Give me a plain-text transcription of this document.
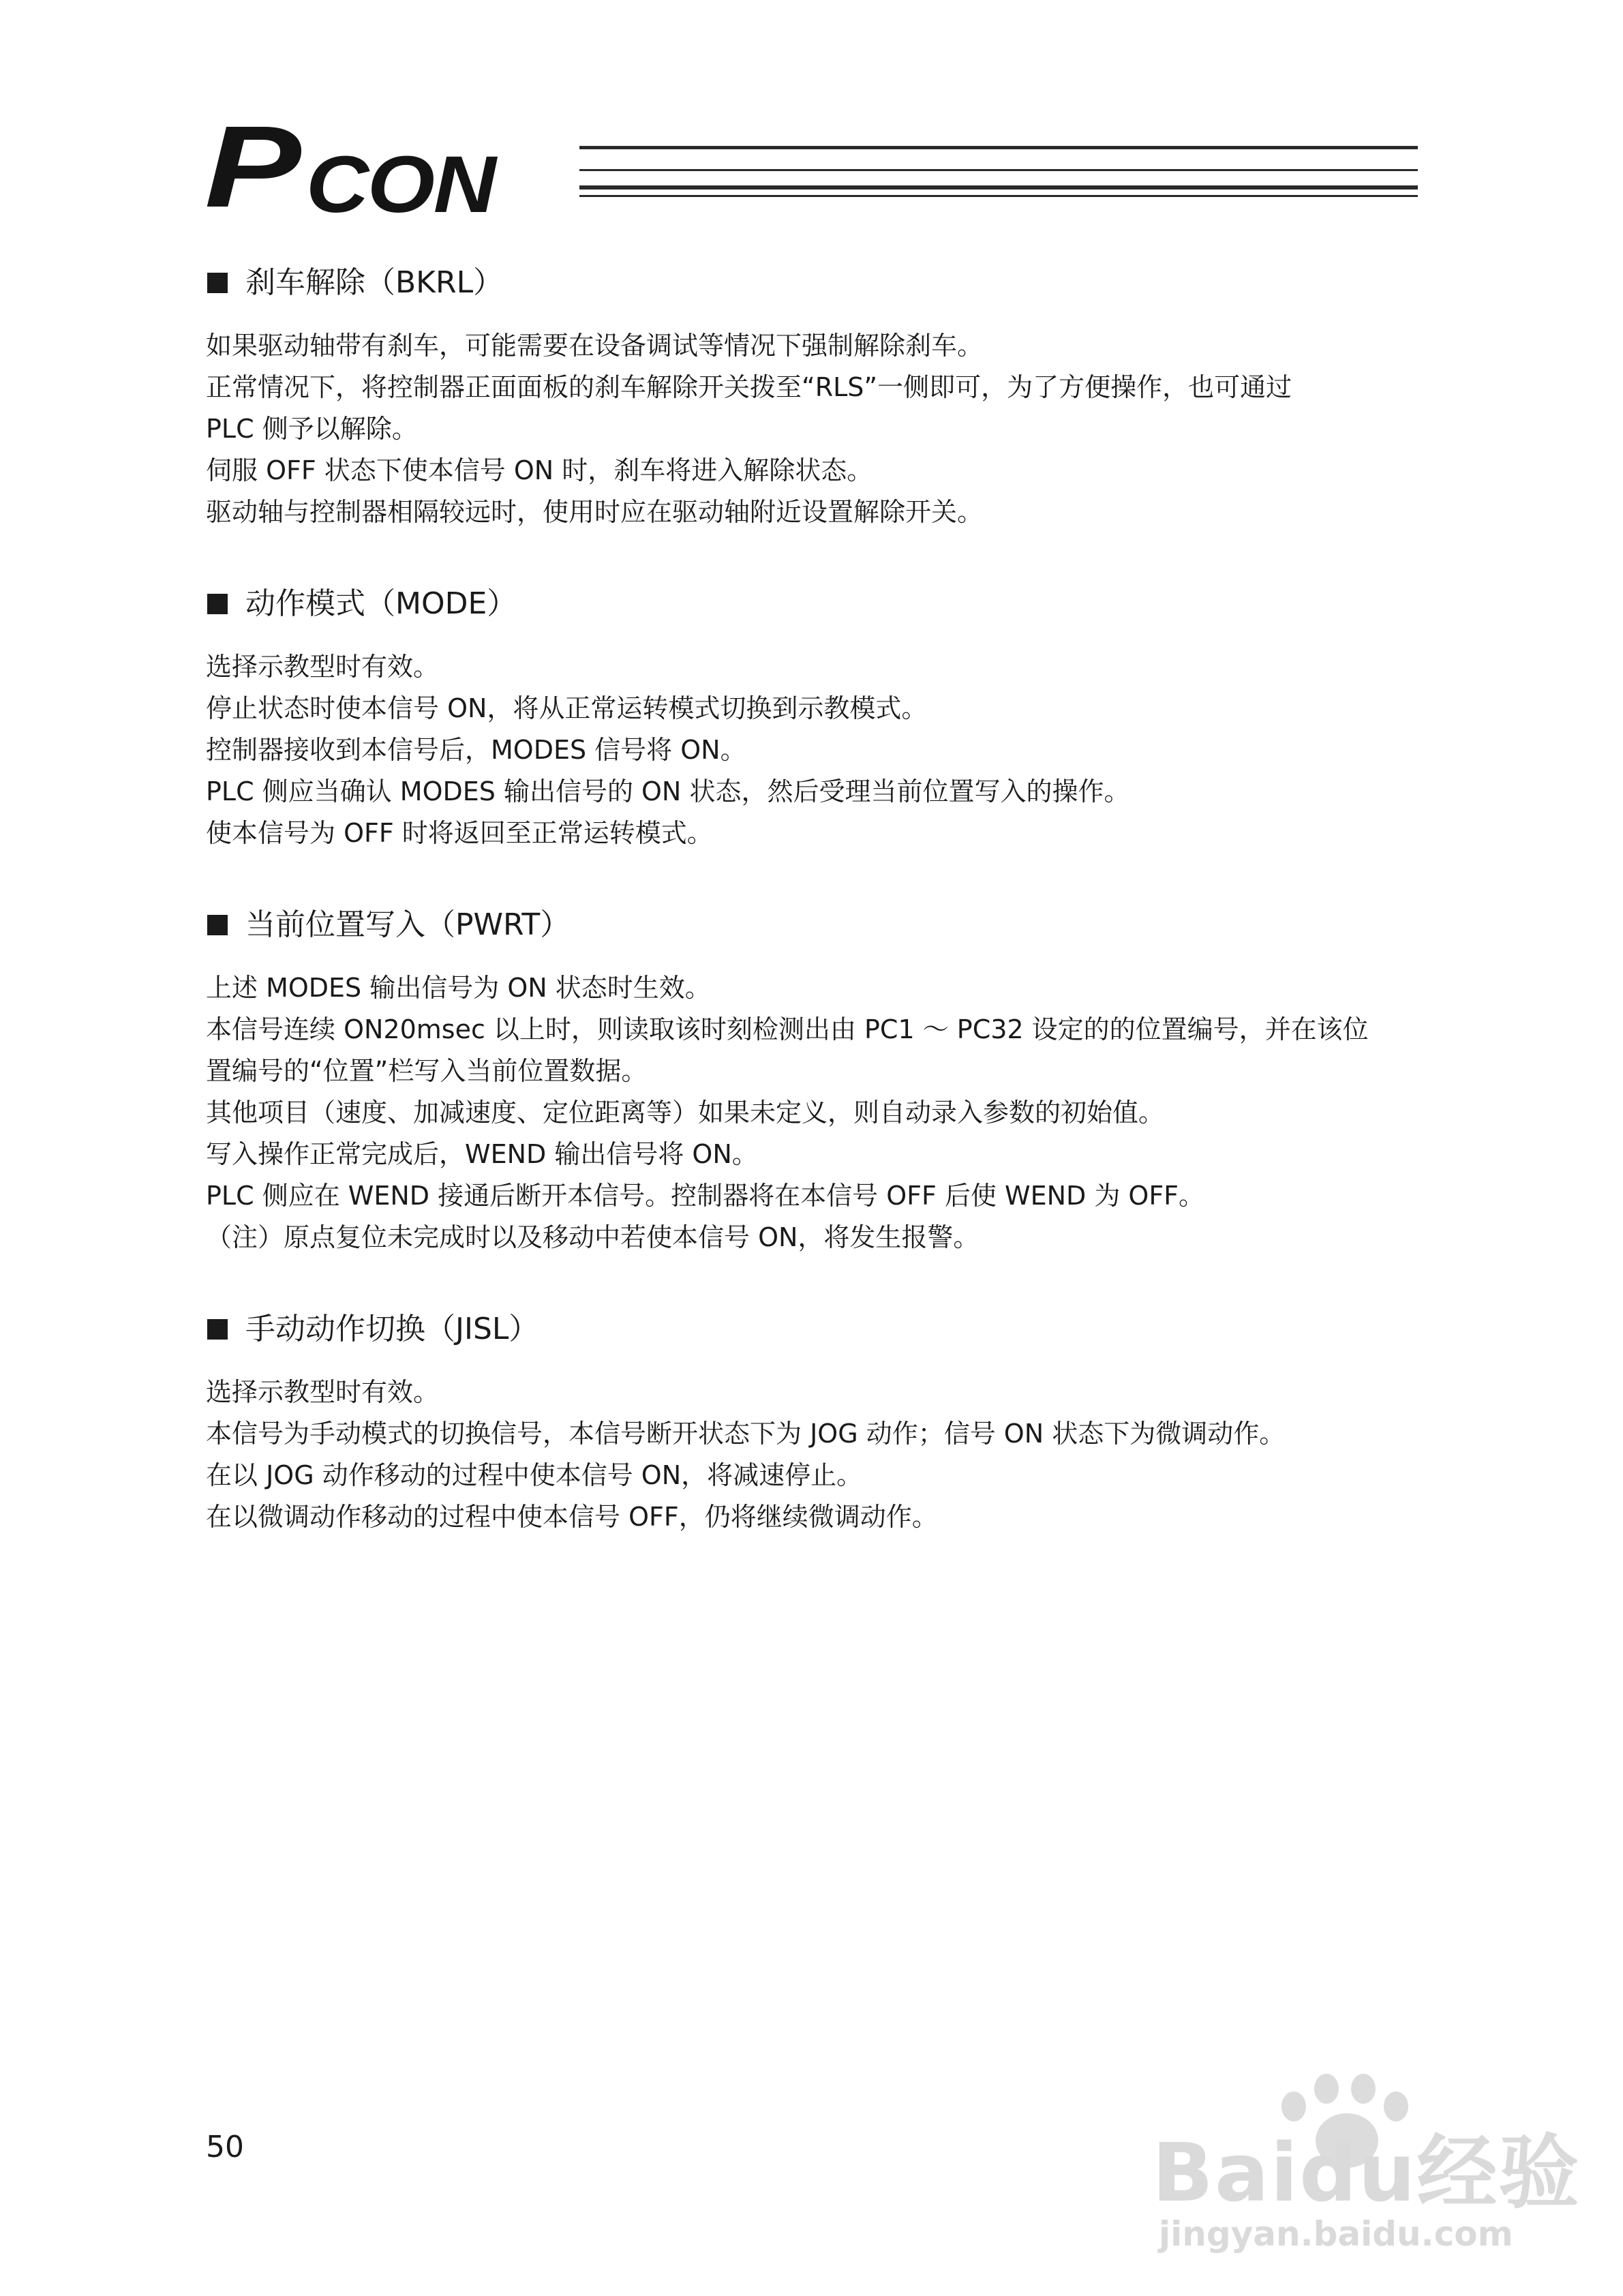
P CON
刹车解除（BKRL）

如果驱动轴带有刹车，可能需要在设备调试等情况下强制解除刹车。

正常情况下，将控制器正面面板的刹车解除开关拨至“RLS”一侧即可，为了方便操作，也可通过

PLC 侧予以解除。

伺服 OFF 状态下使本信号 ON 时，刹车将进入解除状态。

驱动轴与控制器相隔较远时，使用时应在驱动轴附近设置解除开关。

动作模式（MODE）

选择示教型时有效。

停止状态时使本信号 ON，将从正常运转模式切换到示教模式。

控制器接收到本信号后，MODES 信号将 ON。

PLC 侧应当确认 MODES 输出信号的 ON 状态，然后受理当前位置写入的操作。

使本信号为 OFF 时将返回至正常运转模式。

当前位置写入（PWRT）

上述 MODES 输出信号为 ON 状态时生效。

本信号连续 ON20msec 以上时，则读取该时刻检测出由 PC1 ～ PC32 设定的的位置编号，并在该位

置编号的“位置”栏写入当前位置数据。

其他项目（速度、加减速度、定位距离等）如果未定义，则自动录入参数的初始值。

写入操作正常完成后，WEND 输出信号将 ON。

PLC 侧应在 WEND 接通后断开本信号。控制器将在本信号 OFF 后使 WEND 为 OFF。

（注）原点复位未完成时以及移动中若使本信号 ON，将发生报警。

手动动作切换（JISL）

选择示教型时有效。

本信号为手动模式的切换信号，本信号断开状态下为 JOG 动作；信号 ON 状态下为微调动作。

在以 JOG 动作移动的过程中使本信号 ON，将减速停止。

在以微调动作移动的过程中使本信号 OFF，仍将继续微调动作。

50	Baidu经验
jingyan.baidu.com
